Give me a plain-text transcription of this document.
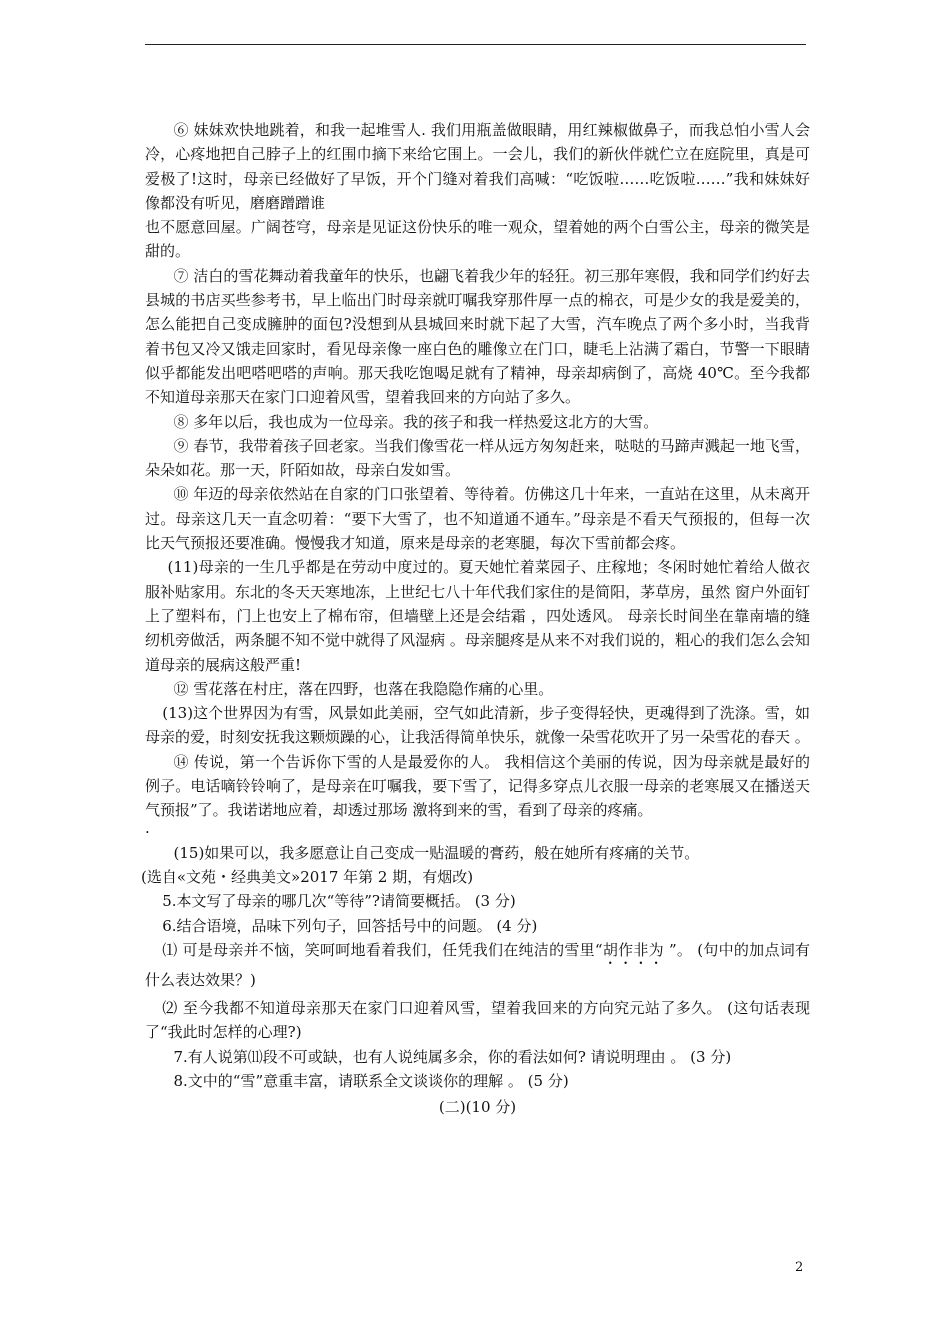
⑥ 妹妹欢快地跳着，和我一起堆雪人. 我们用瓶盖做眼睛，用红辣椒做鼻子，而我总怕小雪人会冷，心疼地把自己脖子上的红围巾摘下来给它围上。一会儿，我们的新伙伴就伫立在庭院里，真是可爱极了!这时，母亲已经做好了早饭，开个门缝对着我们高喊：“吃饭啦……吃饭啦……”我和妹妹好像都没有听见，磨磨蹭蹭谁

也不愿意回屋。广阔苍穹，母亲是见证这份快乐的唯一观众，望着她的两个白雪公主，母亲的微笑是甜的。

⑦ 洁白的雪花舞动着我童年的快乐，也翩飞着我少年的轻狂。初三那年寒假，我和同学们约好去县城的书店买些参考书，早上临出门时母亲就叮嘱我穿那件厚一点的棉衣，可是少女的我是爱美的，怎么能把自己变成臃肿的面包?没想到从县城回来时就下起了大雪，汽车晚点了两个多小时，当我背着书包又冷又饿走回家时，看见母亲像一座白色的雕像立在门口，睫毛上沾满了霜白，节警一下眼睛似乎都能发出吧嗒吧嗒的声响。那天我吃饱喝足就有了精神，母亲却病倒了，高烧 40℃。至今我都不知道母亲那天在家门口迎着风雪，望着我回来的方向站了多久。

⑧ 多年以后，我也成为一位母亲。我的孩子和我一样热爱这北方的大雪。

⑨ 春节，我带着孩子回老家。当我们像雪花一样从远方匆匆赶来，哒哒的马蹄声溅起一地飞雪，朵朵如花。那一天，阡陌如故，母亲白发如雪。

⑩ 年迈的母亲依然站在自家的门口张望着、等待着。仿佛这几十年来，一直站在这里，从未离开过。母亲这几天一直念叨着：“要下大雪了，也不知道通不通车。”母亲是不看天气预报的，但每一次比天气预报还要准确。慢慢我才知道，原来是母亲的老寒腿，每次下雪前都会疼。

(11)母亲的一生几乎都是在劳动中度过的。夏天她忙着菜园子、庄稼地；冬闲时她忙着给人做衣服补贴家用。东北的冬天天寒地冻，上世纪七八十年代我们家住的是简阳，茅草房，虽然 窗户外面钉上了塑料布，门上也安上了棉布帘，但墙壁上还是会结霜 ，四处透风。 母亲长时间坐在靠南墙的缝纫机旁做活，两条腿不知不觉中就得了风湿病 。母亲腿疼是从来不对我们说的，粗心的我们怎么会知道母亲的展病这般严重!

⑫ 雪花落在村庄，落在四野，也落在我隐隐作痛的心里。

(13)这个世界因为有雪，风景如此美丽，空气如此清新，步子变得轻快，更魂得到了洗涤。雪，如母亲的爱，时刻安抚我这颗烦躁的心，让我活得简单快乐，就像一朵雪花吹开了另一朵雪花的春天 。

⑭ 传说，第一个告诉你下雪的人是最爱你的人。 我相信这个美丽的传说，因为母亲就是最好的例子。电话嘀铃铃响了，是母亲在叮嘱我，要下雪了，记得多穿点儿衣服一母亲的老寒展又在播送天气预报”了。我诺诺地应着，却透过那场 激将到来的雪，看到了母亲的疼痛。

.

(15)如果可以，我多愿意让自己变成一贴温暖的膏药，般在她所有疼痛的关节。

(选自«文苑・经典美文»2017 年第 2 期，有烟改)

5.本文写了母亲的哪几次“等待”?请简要概括。 (3 分)

6.结合语境，品味下列句子，回答括号中的问题。 (4 分)

⑴ 可是母亲并不恼，笑呵呵地看着我们，任凭我们在纯洁的雪里“胡作非为 ”。 (句中的加点词有什么表达效果？)

⑵ 至今我都不知道母亲那天在家门口迎着风雪，望着我回来的方向究元站了多久。 (这句话表现了“我此时怎样的心理?)

7.有人说第⑾段不可或缺，也有人说纯属多余，你的看法如何? 请说明理由 。 (3 分)

8.文中的“雪”意重丰富，请联系全文谈谈你的理解 。 (5 分)

(二)(10 分)

2
